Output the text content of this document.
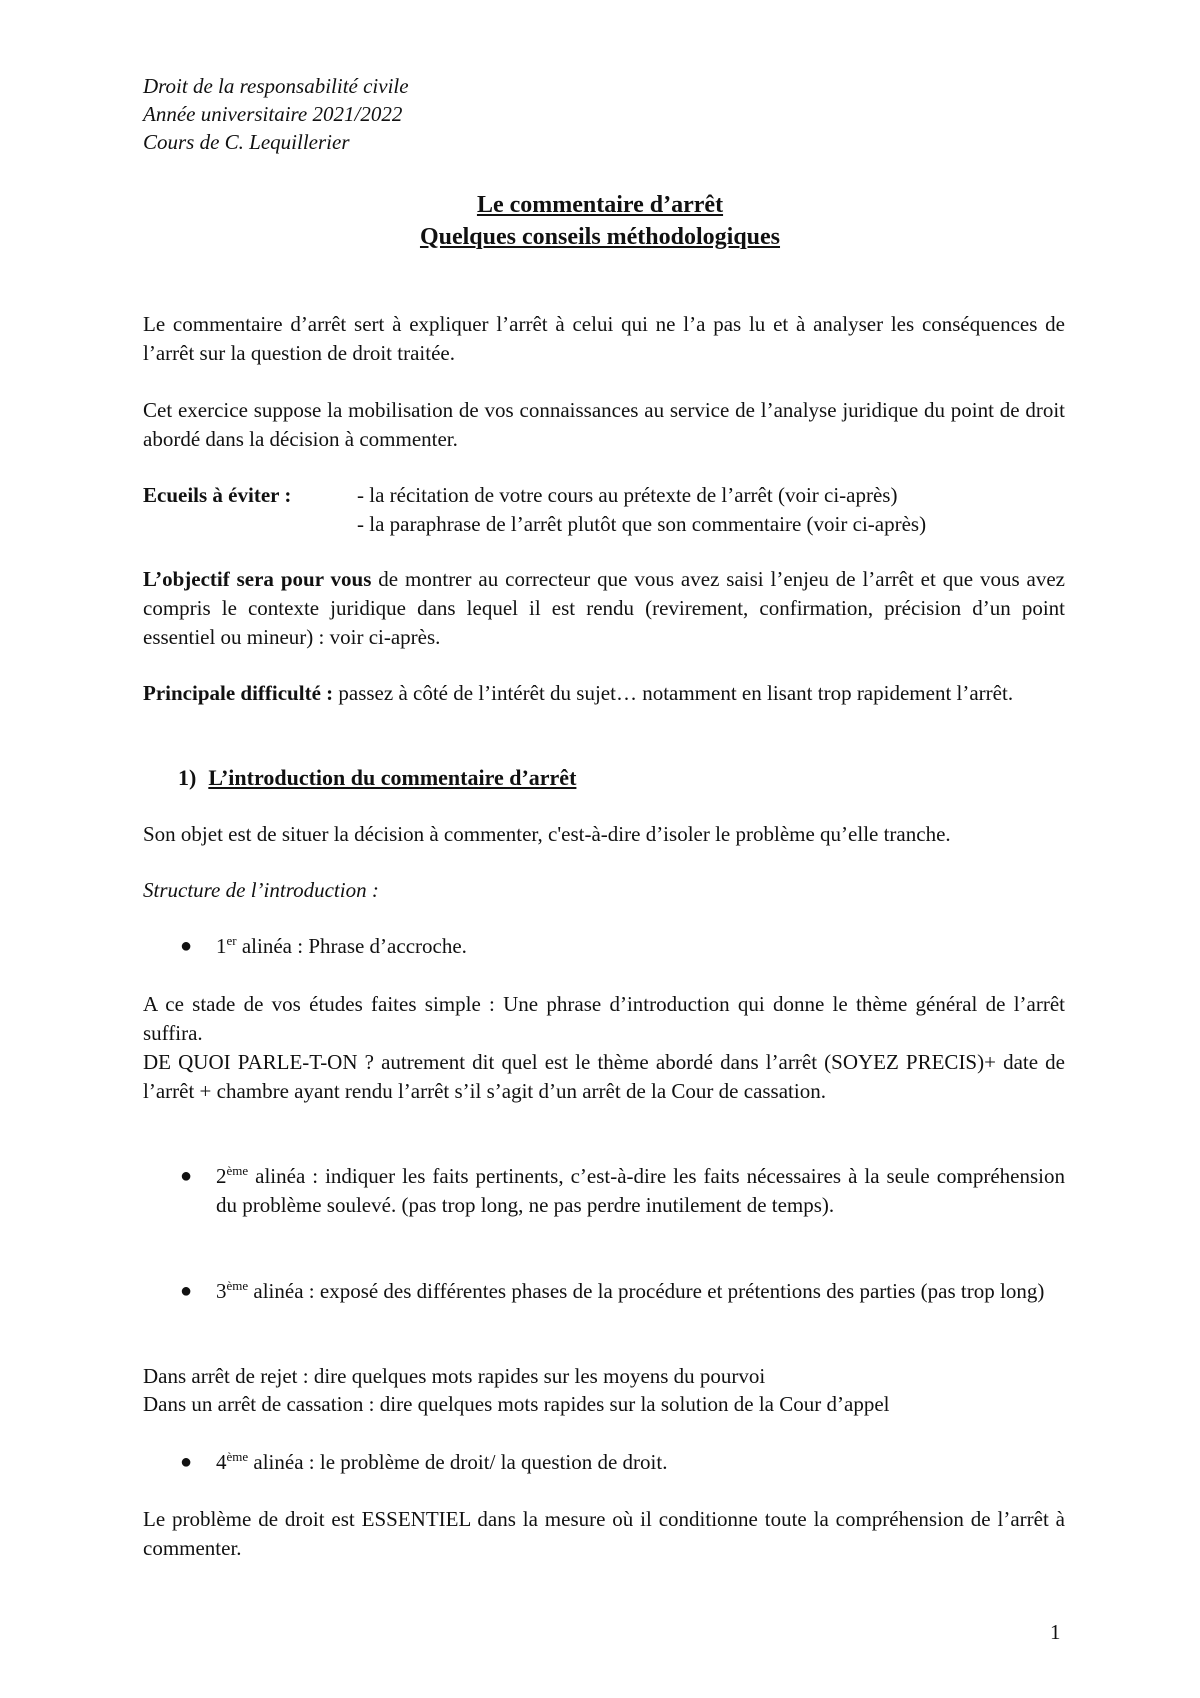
Droit de la responsabilité civile
Année universitaire 2021/2022
Cours de C. Lequillerier
Le commentaire d’arrêt
Quelques conseils méthodologiques
Le commentaire d’arrêt sert à expliquer l’arrêt à celui qui ne l’a pas lu et à analyser les conséquences de l’arrêt sur la question de droit traitée.
Cet exercice suppose la mobilisation de vos connaissances au service de l’analyse juridique du point de droit abordé dans la décision à commenter.
Ecueils à éviter :	- la récitation de votre cours au prétexte de l’arrêt (voir ci-après)
- la paraphrase de l’arrêt plutôt que son commentaire (voir ci-après)
L’objectif sera pour vous de montrer au correcteur que vous avez saisi l’enjeu de l’arrêt et que vous avez compris le contexte juridique dans lequel il est rendu (revirement, confirmation, précision d’un point essentiel ou mineur) : voir ci-après.
Principale difficulté : passez à côté de l’intérêt du sujet… notamment en lisant trop rapidement l’arrêt.
1) L’introduction du commentaire d’arrêt
Son objet est de situer la décision à commenter, c'est-à-dire d’isoler le problème qu’elle tranche.
Structure de l’introduction :
● 1er alinéa : Phrase d’accroche.
A ce stade de vos études faites simple : Une phrase d’introduction qui donne le thème général de l’arrêt suffira.
DE QUOI PARLE-T-ON ? autrement dit quel est le thème abordé dans l’arrêt (SOYEZ PRECIS)+ date de l’arrêt + chambre ayant rendu l’arrêt s’il s’agit d’un arrêt de la Cour de cassation.
● 2ème alinéa : indiquer les faits pertinents, c’est-à-dire les faits nécessaires à la seule compréhension du problème soulevé. (pas trop long, ne pas perdre inutilement de temps).
● 3ème alinéa : exposé des différentes phases de la procédure et prétentions des parties (pas trop long)
Dans arrêt de rejet : dire quelques mots rapides sur les moyens du pourvoi
Dans un arrêt de cassation : dire quelques mots rapides sur la solution de la Cour d’appel
● 4ème alinéa : le problème de droit/ la question de droit.
Le problème de droit est ESSENTIEL dans la mesure où il conditionne toute la compréhension de l’arrêt à commenter.
1
